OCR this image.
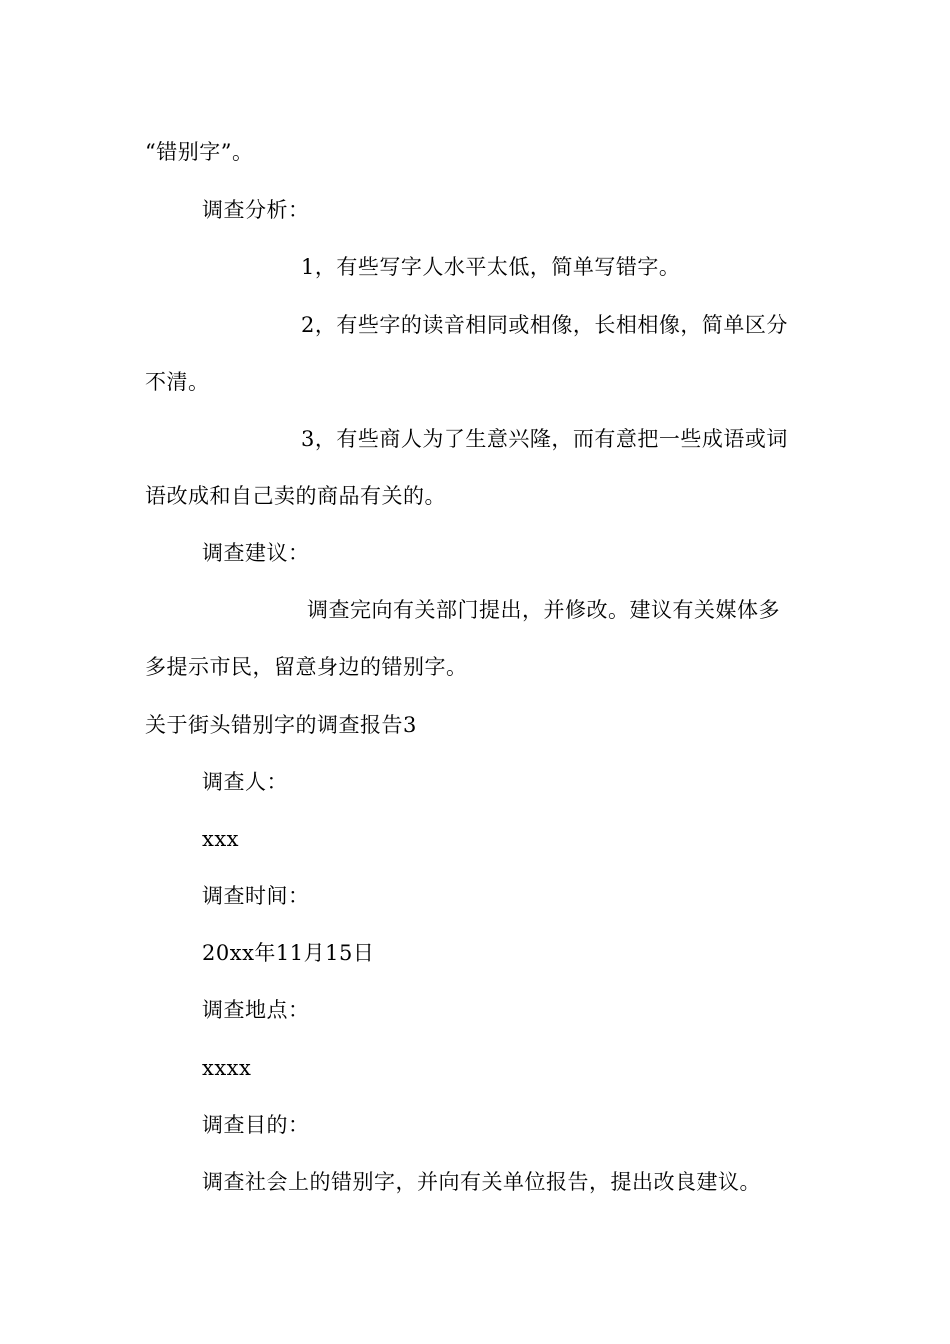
“错别字”。
调查分析：
1，有些写字人水平太低，简单写错字。
2，有些字的读音相同或相像，长相相像，简单区分
不清。
3，有些商人为了生意兴隆，而有意把一些成语或词
语改成和自己卖的商品有关的。
调查建议：
调查完向有关部门提出，并修改。建议有关媒体多
多提示市民，留意身边的错别字。
关于街头错别字的调查报告3
调查人：
xxx
调查时间：
20xx年11月15日
调查地点：
xxxx
调查目的：
调查社会上的错别字，并向有关单位报告，提出改良建议。
